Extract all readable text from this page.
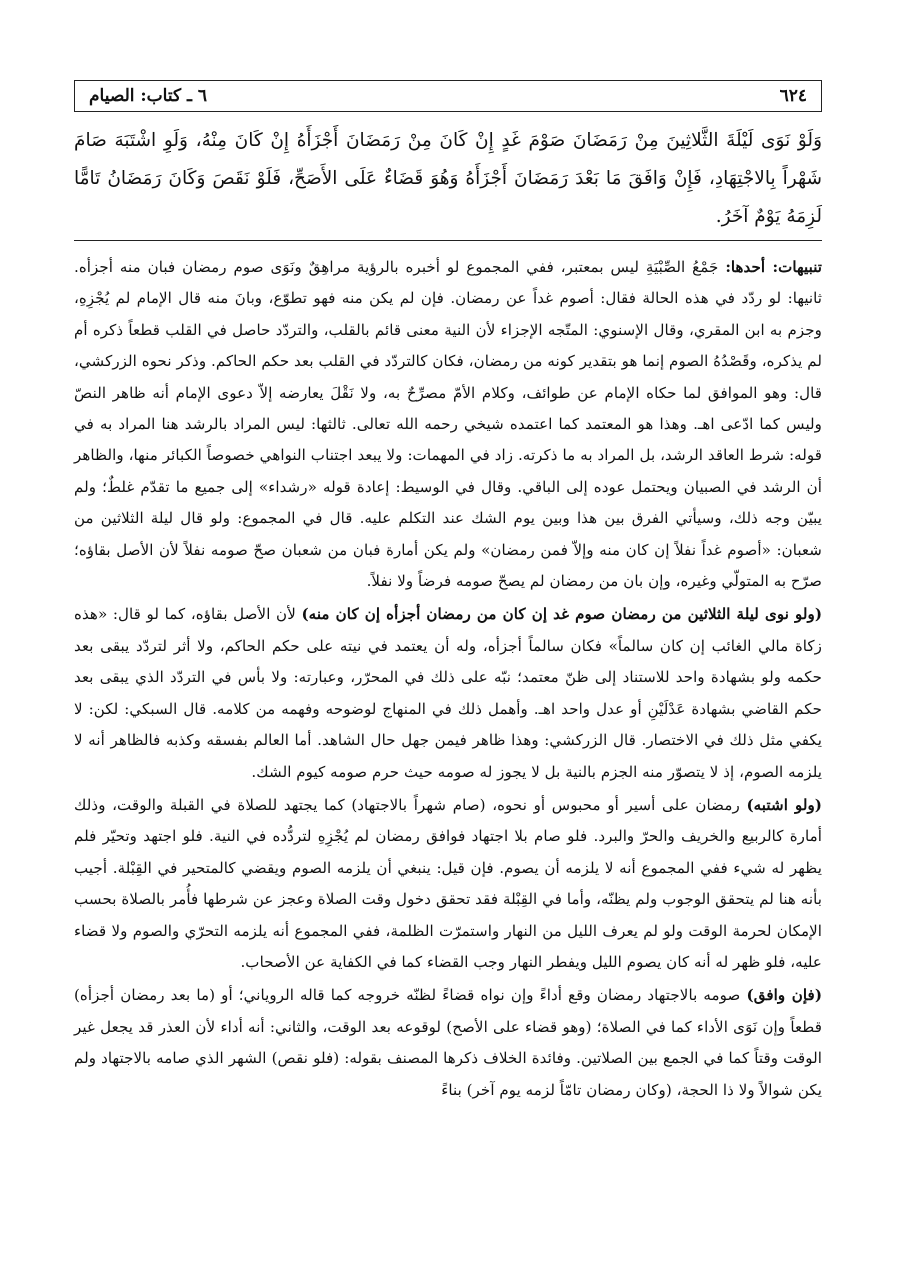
٦٢٤
٦ ـ كتاب: الصيام
وَلَوْ نَوَى لَيْلَةَ الثَّلاثِينَ مِنْ رَمَضَانَ صَوْمَ غَدٍ إِنْ كَانَ مِنْ رَمَضَانَ أَجْزَأَهُ إِنْ كَانَ مِنْهُ، وَلَوِ اشْتَبَهَ صَامَ شَهْراً بِالاجْتِهَادِ، فَإِنْ وَافَقَ مَا بَعْدَ رَمَضَانَ أَجْزَأَهُ وَهُوَ قَضَاءٌ عَلَى الأَصَحِّ، فَلَوْ نَقَصَ وَكَانَ رَمَضَانُ تَامًّا لَزِمَهُ يَوْمٌ آخَرُ.

تنبيهات: أحدها: جَمْعُ الصِّبْيَةِ ليس بمعتبر، ففي المجموع لو أخبره بالرؤية مراهِقٌ ونَوَى صوم رمضان فبان منه أجزأه. ثانيها: لو ردّد في هذه الحالة فقال: أصوم غداً عن رمضان. فإن لم يكن منه فهو تطوّع، وبانَ منه قال الإمام لم يُجْزِهِ، وجزم به ابن المقري، وقال الإسنوي: المتّجه الإجزاء لأن النية معنى قائم بالقلب، والتردّد حاصل في القلب قطعاً ذكره أم لم يذكره، وقَصْدُهُ الصوم إنما هو بتقدير كونه من رمضان، فكان كالتردّد في القلب بعد حكم الحاكم. وذكر نحوه الزركشي، قال: وهو الموافق لما حكاه الإمام عن طوائف، وكلام الأمّ مصرِّحٌ به، ولا نَقْلَ يعارضه إلاّ دعوى الإمام أنه ظاهر النصّ وليس كما ادّعى اهـ. وهذا هو المعتمد كما اعتمده شيخي رحمه الله تعالى. ثالثها: ليس المراد بالرشد هنا المراد به في قوله: شرط العاقد الرشد، بل المراد به ما ذكرته. زاد في المهمات: ولا يبعد اجتناب النواهي خصوصاً الكبائر منها، والظاهر أن الرشد في الصبيان ويحتمل عوده إلى الباقي. وقال في الوسيط: إعادة قوله «رشداء» إلى جميع ما تقدّم غلطٌ؛ ولم يبيّن وجه ذلك، وسيأتي الفرق بين هذا وبين يوم الشك عند التكلم عليه. قال في المجموع: ولو قال ليلة الثلاثين من شعبان: «أصوم غداً نفلاً إن كان منه وإلاّ فمن رمضان» ولم يكن أمارة فبان من شعبان صحّ صومه نفلاً لأن الأصل بقاؤه؛ صرّح به المتولّي وغيره، وإن بان من رمضان لم يصحّ صومه فرضاً ولا نفلاً.

(ولو نوى ليلة الثلاثين من رمضان صوم غد إن كان من رمضان أجزأه إن كان منه) لأن الأصل بقاؤه، كما لو قال: «هذه زكاة مالي الغائب إن كان سالماً» فكان سالماً أجزأه، وله أن يعتمد في نيته على حكم الحاكم، ولا أثر لتردّد يبقى بعد حكمه ولو بشهادة واحد للاستناد إلى ظنّ معتمد؛ نبّه على ذلك في المحرّر، وعبارته: ولا بأس في التردّد الذي يبقى بعد حكم القاضي بشهادة عَدْلَيْنِ أو عدل واحد اهـ. وأهمل ذلك في المنهاج لوضوحه وفهمه من كلامه. قال السبكي: لكن: لا يكفي مثل ذلك في الاختصار. قال الزركشي: وهذا ظاهر فيمن جهل حال الشاهد. أما العالم بفسقه وكذبه فالظاهر أنه لا يلزمه الصوم، إذ لا يتصوّر منه الجزم بالنية بل لا يجوز له صومه حيث حرم صومه كيوم الشك.

(ولو اشتبه) رمضان على أسير أو محبوس أو نحوه، (صام شهراً بالاجتهاد) كما يجتهد للصلاة في القبلة والوقت، وذلك أمارة كالربيع والخريف والحرّ والبرد. فلو صام بلا اجتهاد فوافق رمضان لم يُجْزِهِ لتردُّده في النية. فلو اجتهد وتحيّر فلم يظهر له شيء ففي المجموع أنه لا يلزمه أن يصوم. فإن قيل: ينبغي أن يلزمه الصوم ويقضي كالمتحير في القِبْلة. أجيب بأنه هنا لم يتحقق الوجوب ولم يظنّه، وأما في القِبْلة فقد تحقق دخول وقت الصلاة وعجز عن شرطها فأُمر بالصلاة بحسب الإمكان لحرمة الوقت ولو لم يعرف الليل من النهار واستمرّت الظلمة، ففي المجموع أنه يلزمه التحرّي والصوم ولا قضاء عليه، فلو ظهر له أنه كان يصوم الليل ويفطر النهار وجب القضاء كما في الكفاية عن الأصحاب.

(فإن وافق) صومه بالاجتهاد رمضان وقع أداءً وإن نواه قضاءً لظنّه خروجه كما قاله الروياني؛ أو (ما بعد رمضان أجزأه) قطعاً وإن نَوَى الأداء كما في الصلاة؛ (وهو قضاء على الأصح) لوقوعه بعد الوقت، والثاني: أنه أداء لأن العذر قد يجعل غير الوقت وقتاً كما في الجمع بين الصلاتين. وفائدة الخلاف ذكرها المصنف بقوله: (فلو نقص) الشهر الذي صامه بالاجتهاد ولم يكن شوالاً ولا ذا الحجة، (وكان رمضان تامّاً لزمه يوم آخر) بناءً
